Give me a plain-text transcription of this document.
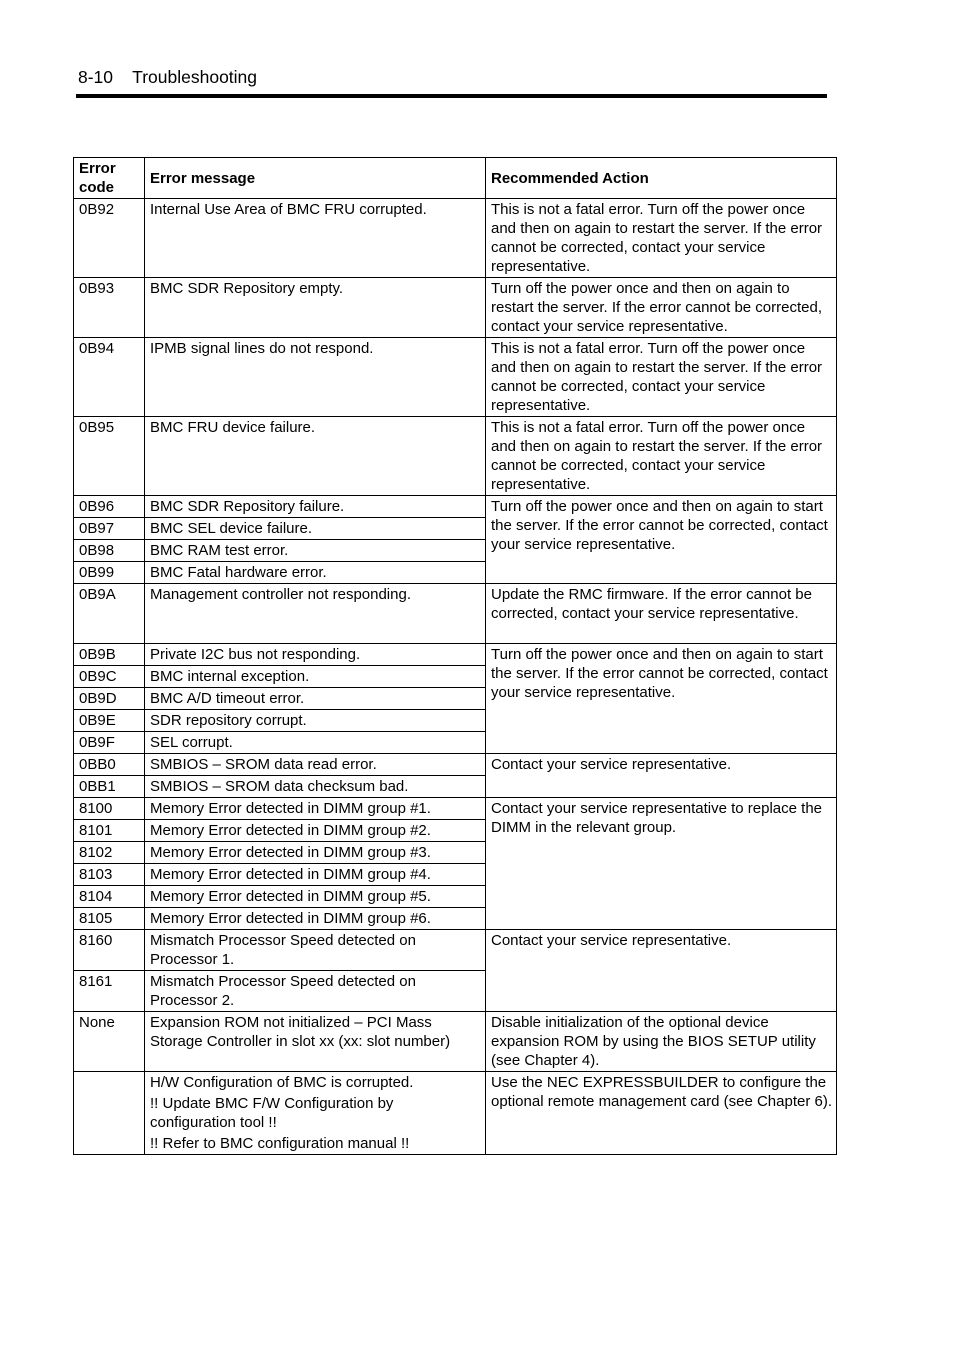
8-10 Troubleshooting
Error
code	Error message	Recommended Action
0B92	Internal Use Area of BMC FRU corrupted.	This is not a fatal error. Turn off the power once and then on again to restart the server. If the error cannot be corrected, contact your service representative.
0B93	BMC SDR Repository empty.	Turn off the power once and then on again to restart the server. If the error cannot be corrected, contact your service representative.
0B94	IPMB signal lines do not respond.	This is not a fatal error. Turn off the power once and then on again to restart the server. If the error cannot be corrected, contact your service representative.
0B95	BMC FRU device failure.	This is not a fatal error. Turn off the power once and then on again to restart the server. If the error cannot be corrected, contact your service representative.
0B96	BMC SDR Repository failure.	Turn off the power once and then on again to start the server. If the error cannot be corrected, contact your service representative.
0B97	BMC SEL device failure.	
0B98	BMC RAM test error.	
0B99	BMC Fatal hardware error.	
0B9A	Management controller not responding.	Update the RMC firmware. If the error cannot be corrected, contact your service representative.
0B9B	Private I2C bus not responding.	Turn off the power once and then on again to start the server. If the error cannot be corrected, contact your service representative.
0B9C	BMC internal exception.	
0B9D	BMC A/D timeout error.	
0B9E	SDR repository corrupt.	
0B9F	SEL corrupt.	
0BB0	SMBIOS – SROM data read error.	Contact your service representative.
0BB1	SMBIOS – SROM data checksum bad.	
8100	Memory Error detected in DIMM group #1.	Contact your service representative to replace the DIMM in the relevant group.
8101	Memory Error detected in DIMM group #2.	
8102	Memory Error detected in DIMM group #3.	
8103	Memory Error detected in DIMM group #4.	
8104	Memory Error detected in DIMM group #5.	
8105	Memory Error detected in DIMM group #6.	
8160	Mismatch Processor Speed detected on Processor 1.	Contact your service representative.
8161	Mismatch Processor Speed detected on Processor 2.	
None	Expansion ROM not initialized – PCI Mass Storage Controller in slot xx (xx: slot number)	Disable initialization of the optional device expansion ROM by using the BIOS SETUP utility (see Chapter 4).

	H/W Configuration of BMC is corrupted.
!! Update BMC F/W Configuration by configuration tool !!
!! Refer to BMC configuration manual !!	Use the NEC EXPRESSBUILDER to configure the optional remote management card (see Chapter 6).
